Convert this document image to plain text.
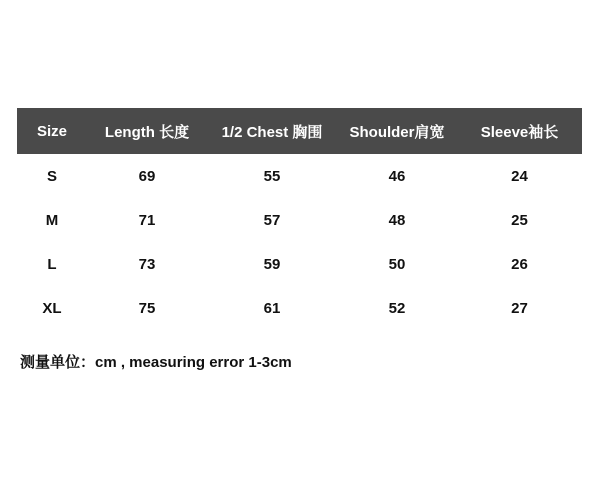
Size	Length 长度	1/2 Chest 胸围	Shoulder肩宽	Sleeve袖长
S	69	55	46	24
M	71	57	48	25
L	73	59	50	26
XL	75	61	52	27
测量单位：cm , measuring error 1-3cm
